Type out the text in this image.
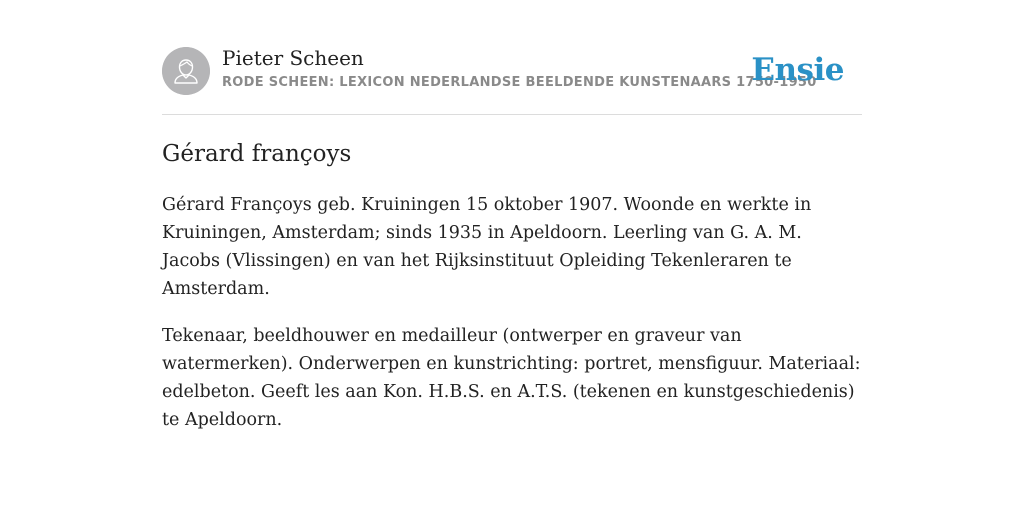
Pieter Scheen
RODE SCHEEN: LEXICON NEDERLANDSE BEELDENDE KUNSTENAARS 1750-1950
Ensie
Gérard françoys

Gérard Françoys geb. Kruiningen 15 oktober 1907. Woonde en werkte in Kruiningen, Amsterdam; sinds 1935 in Apeldoorn. Leerling van G. A. M. Jacobs (Vlissingen) en van het Rijksinstituut Opleiding Tekenleraren te Amsterdam.

Tekenaar, beeldhouwer en medailleur (ontwerper en graveur van watermerken). Onderwerpen en kunstrichting: portret, mensfiguur. Materiaal: edelbeton. Geeft les aan Kon. H.B.S. en A.T.S. (tekenen en kunstgeschiedenis) te Apeldoorn.
